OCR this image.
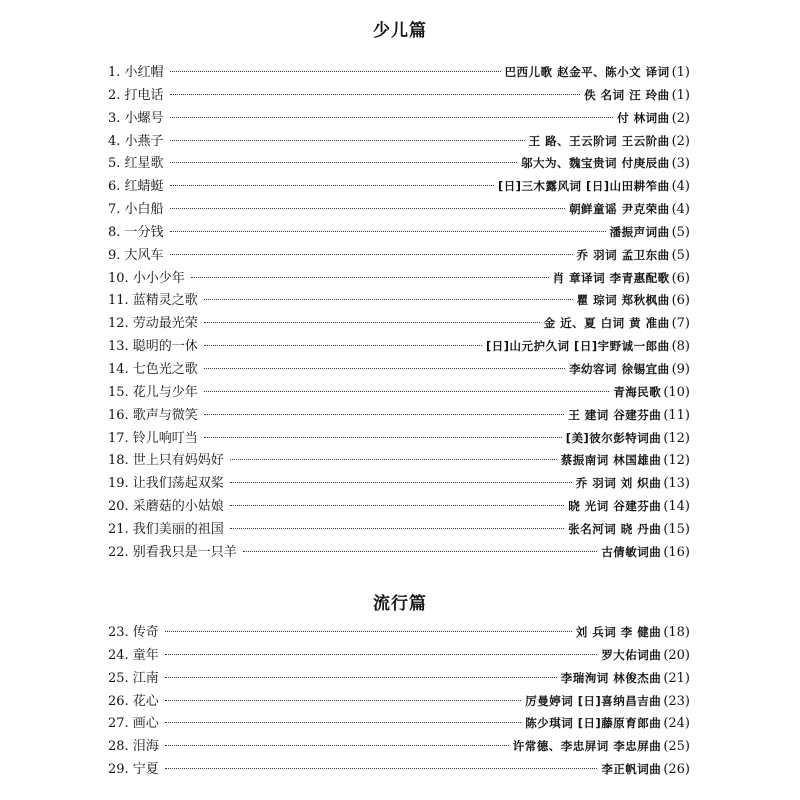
少儿篇
1. 小红帽	巴西儿歌 赵金平、陈小文 译词 (1)
2. 打电话	佚 名词 汪 玲曲 (1)
3. 小螺号	付 林词曲 (2)
4. 小燕子	王 路、王云阶词 王云阶曲 (2)
5. 红星歌	邬大为、魏宝贵词 付庚辰曲 (3)
6. 红蜻蜓	[日]三木露风词 [日]山田耕笮曲 (4)
7. 小白船	朝鲜童谣 尹克荣曲 (4)
8. 一分钱	潘振声词曲 (5)
9. 大风车	乔 羽词 孟卫东曲 (5)
10. 小小少年	肖 章译词 李青惠配歌 (6)
11. 蓝精灵之歌	瞿 琮词 郑秋枫曲 (6)
12. 劳动最光荣	金 近、夏 白词 黄 准曲 (7)
13. 聪明的一休	[日]山元护久词 [日]宇野诚一郎曲 (8)
14. 七色光之歌	李幼容词 徐锡宜曲 (9)
15. 花儿与少年	青海民歌 (10)
16. 歌声与微笑	王 建词 谷建芬曲 (11)
17. 铃儿响叮当	[美]彼尔彭特词曲 (12)
18. 世上只有妈妈好	蔡振南词 林国雄曲 (12)
19. 让我们荡起双桨	乔 羽词 刘 炽曲 (13)
20. 采蘑菇的小姑娘	晓 光词 谷建芬曲 (14)
21. 我们美丽的祖国	张名河词 晓 丹曲 (15)
22. 别看我只是一只羊	古倩敏词曲 (16)
流行篇
23. 传奇	刘 兵词 李 健曲 (18)
24. 童年	罗大佑词曲 (20)
25. 江南	李瑞洵词 林俊杰曲 (21)
26. 花心	厉曼婷词 [日]喜纳昌吉曲 (23)
27. 画心	陈少琪词 [日]藤原育郎曲 (24)
28. 泪海	许常德、李忠屏词 李忠屏曲 (25)
29. 宁夏	李正帆词曲 (26)
